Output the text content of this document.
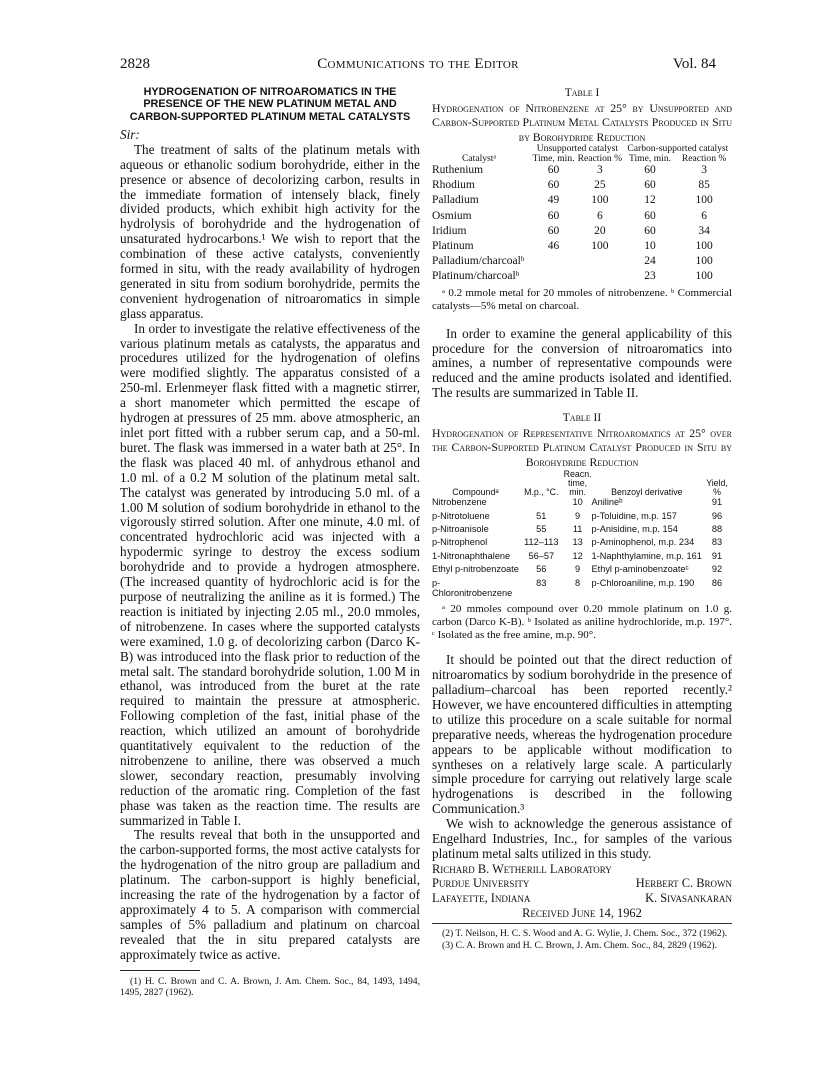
2828	Communications to the Editor	Vol. 84
HYDROGENATION OF NITROAROMATICS IN THE PRESENCE OF THE NEW PLATINUM METAL AND CARBON-SUPPORTED PLATINUM METAL CATALYSTS
Sir:

The treatment of salts of the platinum metals with aqueous or ethanolic sodium borohydride, either in the presence or absence of decolorizing carbon, results in the immediate formation of intensely black, finely divided products, which exhibit high activity for the hydrolysis of borohydride and the hydrogenation of unsaturated hydrocarbons.¹ We wish to report that the combination of these active catalysts, conveniently formed in situ, with the ready availability of hydrogen generated in situ from sodium borohydride, permits the convenient hydrogenation of nitroaromatics in simple glass apparatus.

In order to investigate the relative effectiveness of the various platinum metals as catalysts, the apparatus and procedures utilized for the hydrogenation of olefins were modified slightly. The apparatus consisted of a 250-ml. Erlenmeyer flask fitted with a magnetic stirrer, a short manometer which permitted the escape of hydrogen at pressures of 25 mm. above atmospheric, an inlet port fitted with a rubber serum cap, and a 50-ml. buret. The flask was immersed in a water bath at 25°. In the flask was placed 40 ml. of anhydrous ethanol and 1.0 ml. of a 0.2 M solution of the platinum metal salt. The catalyst was generated by introducing 5.0 ml. of a 1.00 M solution of sodium borohydride in ethanol to the vigorously stirred solution. After one minute, 4.0 ml. of concentrated hydrochloric acid was injected with a hypodermic syringe to destroy the excess sodium borohydride and to provide a hydrogen atmosphere. (The increased quantity of hydrochloric acid is for the purpose of neutralizing the aniline as it is formed.) The reaction is initiated by injecting 2.05 ml., 20.0 mmoles, of nitrobenzene. In cases where the supported catalysts were examined, 1.0 g. of decolorizing carbon (Darco K-B) was introduced into the flask prior to reduction of the metal salt. The standard borohydride solution, 1.00 M in ethanol, was introduced from the buret at the rate required to maintain the pressure at atmospheric. Following completion of the fast, initial phase of the reaction, which utilized an amount of borohydride quantitatively equivalent to the reduction of the nitrobenzene to aniline, there was observed a much slower, secondary reaction, presumably involving reduction of the aromatic ring. Completion of the fast phase was taken as the reaction time. The results are summarized in Table I.

The results reveal that both in the unsupported and the carbon-supported forms, the most active catalysts for the hydrogenation of the nitro group are palladium and platinum. The carbon-support is highly beneficial, increasing the rate of the hydrogenation by a factor of approximately 4 to 5. A comparison with commercial samples of 5% palladium and platinum on charcoal revealed that the in situ prepared catalysts are approximately twice as active.

(1) H. C. Brown and C. A. Brown, J. Am. Chem. Soc., 84, 1493, 1494, 1495, 2827 (1962).
Table I
Hydrogenation of Nitrobenzene at 25° by Unsupported and Carbon-Supported Platinum Metal Catalysts Produced in Situ by Borohydride Reduction
	Unsupported catalyst		Carbon-supported catalyst	
Catalystᵃ	Time, min.	Reaction %	Time, min.	Reaction %
Ruthenium	60	3	60	3
Rhodium	60	25	60	85
Palladium	49	100	12	100
Osmium	60	6	60	6
Iridium	60	20	60	34
Platinum	46	100	10	100
Palladium/charcoalᵇ			24	100
Platinum/charcoalᵇ			23	100
ᵃ 0.2 mmole metal for 20 mmoles of nitrobenzene. ᵇ Commercial catalysts—5% metal on charcoal.

In order to examine the general applicability of this procedure for the conversion of nitroaromatics into amines, a number of representative compounds were reduced and the amine products isolated and identified. The results are summarized in Table II.

Table II
Hydrogenation of Representative Nitroaromatics at 25° over the Carbon-Supported Platinum Catalyst Produced in Situ by Borohydride Reduction
Compoundᵃ	M.p., °C.	Reacn. time, min.	Benzoyl derivative	Yield, %
Nitrobenzene		10	Anilineᵇ	91
p-Nitrotoluene	51	9	p-Toluidine, m.p. 157	96
p-Nitroanisole	55	11	p-Anisidine, m.p. 154	88
p-Nitrophenol	112–113	13	p-Aminophenol, m.p. 234	83
1-Nitronaphthalene	56–57	12	1-Naphthylamine, m.p. 161	91
Ethyl p-nitrobenzoate	56	9	Ethyl p-aminobenzoateᶜ	92
p-Chloronitrobenzene	83	8	p-Chloroaniline, m.p. 190	86
ᵃ 20 mmoles compound over 0.20 mmole platinum on 1.0 g. carbon (Darco K-B). ᵇ Isolated as aniline hydrochloride, m.p. 197°. ᶜ Isolated as the free amine, m.p. 90°.

It should be pointed out that the direct reduction of nitroaromatics by sodium borohydride in the presence of palladium–charcoal has been reported recently.² However, we have encountered difficulties in attempting to utilize this procedure on a scale suitable for normal preparative needs, whereas the hydrogenation procedure appears to be applicable without modification to syntheses on a relatively large scale. A particularly simple procedure for carrying out relatively large scale hydrogenations is described in the following Communication.³

We wish to acknowledge the generous assistance of Engelhard Industries, Inc., for samples of the various platinum metal salts utilized in this study.

Richard B. Wetherill Laboratory
Purdue University	Herbert C. Brown
Lafayette, Indiana	K. Sivasankaran
Received June 14, 1962
(2) T. Neilson, H. C. S. Wood and A. G. Wylie, J. Chem. Soc., 372 (1962).
(3) C. A. Brown and H. C. Brown, J. Am. Chem. Soc., 84, 2829 (1962).
